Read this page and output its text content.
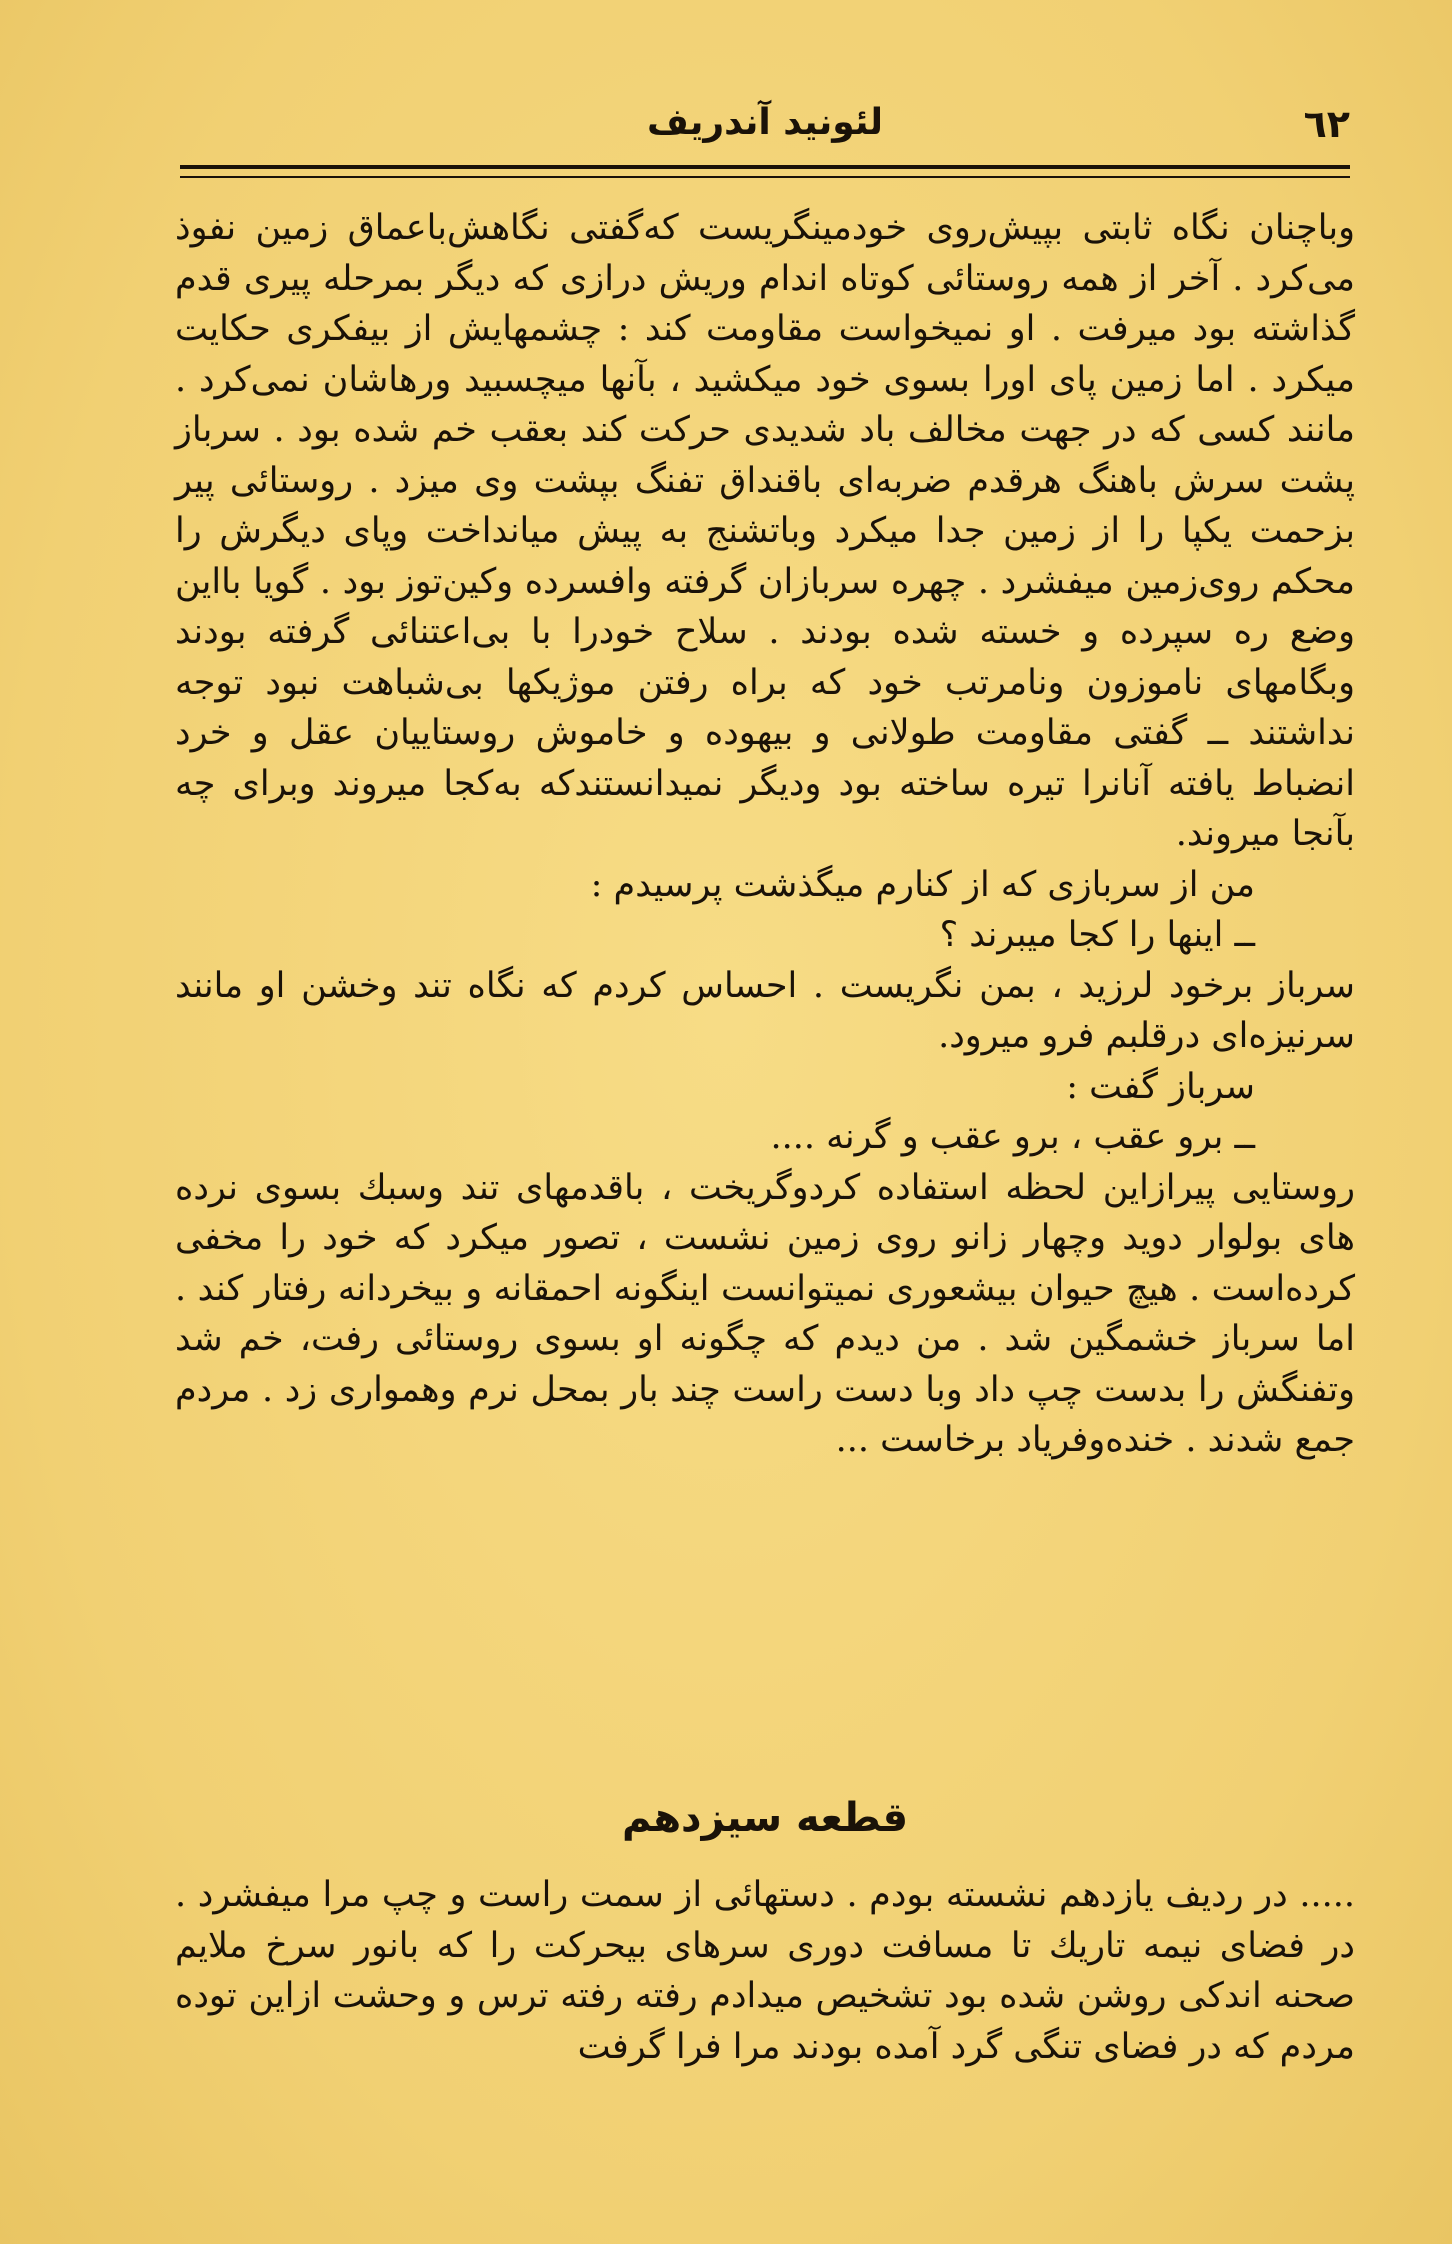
٦٢
لئونید آندریف

وباچنان نگاه ثابتی بپیش‌روی خودمینگریست که‌گفتی نگاهش‌باعماق زمین نفوذ می‌کرد . آخر از همه روستائی کوتاه اندام وریش درازی که دیگر بمرحله پیری قدم گذاشته بود میرفت . او نمیخواست مقاومت کند : چشمهایش از بیفکری حکایت میکرد . اما زمین پای اورا بسوی خود میکشید ، بآنها میچسبید ورهاشان نمی‌کرد . مانند کسی که در جهت مخالف باد شدیدی حرکت کند بعقب خم شده بود . سرباز پشت سرش باهنگ هرقدم ضربه‌ای باقنداق تفنگ بپشت وی میزد . روستائی پیر بزحمت یکپا را از زمین جدا میکرد وباتشنج به پیش میانداخت وپای دیگرش را محکم روی‌زمین میفشرد . چهره سربازان گرفته وافسرده وکین‌توز بود . گویا بااین وضع ره سپرده و خسته شده بودند . سلاح خودرا با بی‌اعتنائی گرفته بودند وبگامهای ناموزون ونامرتب خود که براه رفتن موژیکها بی‌شباهت نبود توجه نداشتند ــ گفتی مقاومت طولانی و بیهوده و خاموش روستاییان عقل و خرد انضباط یافته آنانرا تیره ساخته بود ودیگر نمیدانستندکه به‌کجا میروند وبرای چه بآنجا میروند.

من از سربازی که از کنارم میگذشت پرسیدم :

ــ اینها را کجا میبرند ؟

سرباز برخود لرزید ، بمن نگریست . احساس کردم که نگاه تند وخشن او مانند سرنیزه‌ای درقلبم فرو میرود.

سرباز گفت :

ــ برو عقب ، برو عقب و گرنه ....

روستایی پیرازاین لحظه استفاده کردوگریخت ، باقدمهای تند وسبك بسوی نرده های بولوار دوید وچهار زانو روی زمین نشست ، تصور میکرد که خود را مخفی کرده‌است . هیچ حیوان بیشعوری نمیتوانست اینگونه احمقانه و بیخردانه رفتار کند . اما سرباز خشمگین شد . من دیدم که چگونه او بسوی روستائی رفت، خم شد وتفنگش را بدست چپ داد وبا دست راست چند بار بمحل نرم وهمواری زد . مردم جمع شدند . خنده‌وفریاد برخاست ...

قطعه سیزدهم

..... در ردیف یازدهم نشسته بودم . دستهائی از سمت راست و چپ مرا میفشرد . در فضای نیمه تاریك تا مسافت دوری سرهای بیحرکت را که بانور سرخ ملایم صحنه اندکی روشن شده بود تشخیص میدادم رفته رفته ترس و وحشت ازاین توده مردم که در فضای تنگی گرد آمده بودند مرا فرا گرفت
